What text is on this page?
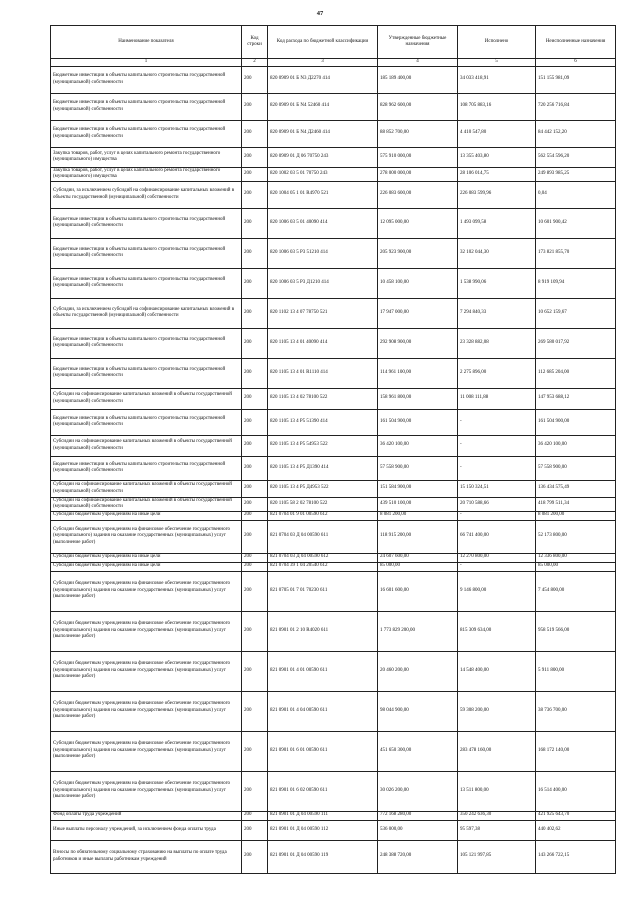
47
Наименование показателя	Код строки	Код расхода по бюджетной классификации	Утвержденные бюджетные назначения	Исполнено	Неисполненные назначения
1	2	3	4	5	6
Бюджетные инвестиции в объекты капитального строительства государственной (муниципальной) собственности	200	820 0909 01 Б N3 Д2270 414	185 189 400,00	34 033 418,91	151 155 981,09
Бюджетные инвестиции в объекты капитального строительства государственной (муниципальной) собственности	200	820 0909 01 Б N4 52460 414	828 962 600,00	108 705 883,16	720 256 716,84
Бюджетные инвестиции в объекты капитального строительства государственной (муниципальной) собственности	200	820 0909 01 Б N4 Д2460 414	88 852 700,00	4 410 547,80	84 442 152,20
Закупка товаров, работ, услуг в целях капитального ремонта государственного (муниципального) имущества	200	820 0909 01 Д 06 70750 243	575 910 000,00	13 355 403,80	562 554 596,20
Закупка товаров, работ, услуг в целях капитального ремонта государственного (муниципального) имущества	200	820 1002 03 5 01 70750 243	278 000 000,00	28 106 014,75	249 893 985,25
Субсидии, за исключением субсидий на софинансирование капитальных вложений в объекты государственной (муниципальной) собственности	200	820 1004 05 1 01 R4970 521	226 083 600,00	226 083 599,96	0,04
Бюджетные инвестиции в объекты капитального строительства государственной (муниципальной) собственности	200	820 1006 03 5 01 40090 414	12 095 000,00	1 493 099,58	10 601 900,42
Бюджетные инвестиции в объекты капитального строительства государственной (муниципальной) собственности	200	820 1006 03 5 P3 51210 414	205 923 900,00	32 102 044,30	173 821 855,70
Бюджетные инвестиции в объекты капитального строительства государственной (муниципальной) собственности	200	820 1006 03 5 P3 Д1210 414	10 458 100,00	1 538 990,06	8 919 109,94
Субсидии, за исключением субсидий на софинансирование капитальных вложений в объекты государственной (муниципальной) собственности	200	820 1102 13 4 07 78750 521	17 947 000,00	7 294 840,33	10 652 159,67
Бюджетные инвестиции в объекты капитального строительства государственной (муниципальной) собственности	200	820 1105 13 4 01 40090 414	292 908 900,00	23 328 882,08	269 580 017,92
Бюджетные инвестиции в объекты капитального строительства государственной (муниципальной) собственности	200	820 1105 13 4 01 R1110 414	114 961 100,00	2 275 896,00	112 685 204,00
Субсидии на софинансирование капитальных вложений в объекты государственной (муниципальной) собственности	200	820 1105 13 4 02 78100 522	158 961 800,00	11 008 111,88	147 953 688,12
Бюджетные инвестиции в объекты капитального строительства государственной (муниципальной) собственности	200	820 1105 13 4 P5 51390 414	161 504 900,00	-	161 504 900,00
Субсидии на софинансирование капитальных вложений в объекты государственной (муниципальной) собственности	200	820 1105 13 4 P5 54953 522	36 420 100,00	-	36 420 100,00
Бюджетные инвестиции в объекты капитального строительства государственной (муниципальной) собственности	200	820 1105 13 4 P5 Д1390 414	57 558 900,00	-	57 558 900,00
Субсидии на софинансирование капитальных вложений в объекты государственной (муниципальной) собственности	200	820 1105 13 4 P5 Д4953 522	151 584 900,00	15 150 324,51	136 434 575,49
Субсидии на софинансирование капитальных вложений в объекты государственной (муниципальной) собственности	200	820 1105 58 2 02 78100 522	439 510 100,00	20 710 588,66	418 799 511,34
Субсидии бюджетным учреждениям на иные цели	200	821 0704 01 9 01 00590 612	8 081 200,00	-	8 081 200,00
Субсидии бюджетным учреждениям на финансовое обеспечение государственного (муниципального) задания на оказание государственных (муниципальных) услуг (выполнение работ)	200	821 0704 03 Д 04 00590 611	118 915 200,00	66 741 400,00	52 173 800,00
Субсидии бюджетным учреждениям на иные цели	200	821 0704 03 Д 04 00590 612	24 607 600,00	12 270 800,00	12 336 800,00
Субсидии бюджетным учреждениям на иные цели	200	821 0704 39 1 04 20540 612	85 000,00	-	85 000,00
Субсидии бюджетным учреждениям на финансовое обеспечение государственного (муниципального) задания на оказание государственных (муниципальных) услуг (выполнение работ)	200	821 0705 01 7 01 70230 611	16 601 600,00	9 146 800,00	7 454 800,00
Субсидии бюджетным учреждениям на финансовое обеспечение государственного (муниципального) задания на оказание государственных (муниципальных) услуг (выполнение работ)	200	821 0901 01 2 10 R4020 611	1 773 829 200,00	815 309 634,00	958 519 566,00
Субсидии бюджетным учреждениям на финансовое обеспечение государственного (муниципального) задания на оказание государственных (муниципальных) услуг (выполнение работ)	200	821 0901 01 4 01 00590 611	20 460 200,00	14 548 400,00	5 911 800,00
Субсидии бюджетным учреждениям на финансовое обеспечение государственного (муниципального) задания на оказание государственных (муниципальных) услуг (выполнение работ)	200	821 0901 01 4 04 00590 611	98 044 900,00	59 308 200,00	38 736 700,00
Субсидии бюджетным учреждениям на финансовое обеспечение государственного (муниципального) задания на оказание государственных (муниципальных) услуг (выполнение работ)	200	821 0901 01 6 01 00590 611	451 650 300,00	283 478 160,00	168 172 140,00
Субсидии бюджетным учреждениям на финансовое обеспечение государственного (муниципального) задания на оказание государственных (муниципальных) услуг (выполнение работ)	200	821 0901 01 6 02 00590 611	30 026 200,00	13 511 800,00	16 514 400,00
Фонд оплаты труда учреждений	200	821 0901 01 Д 04 00590 111	772 168 280,00	350 242 636,30	421 925 643,70
Иные выплаты персоналу учреждений, за исключением фонда оплаты труда	200	821 0901 01 Д 04 00590 112	536 000,00	95 597,38	440 402,62
Взносы по обязательному социальному страхованию на выплаты по оплате труда работников и иные выплаты работникам учреждений	200	821 0901 01 Д 04 00590 119	248 388 720,00	105 121 997,85	143 266 722,15
